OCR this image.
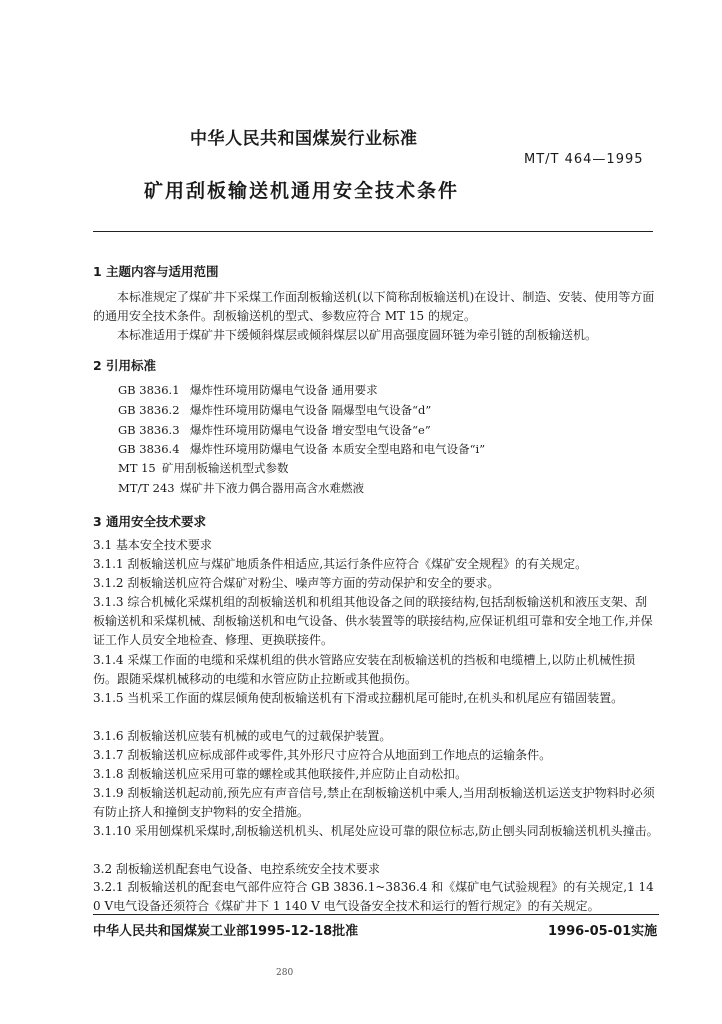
中华人民共和国煤炭行业标准
MT/T 464—1995
矿用刮板输送机通用安全技术条件
1 主题内容与适用范围
本标准规定了煤矿井下采煤工作面刮板输送机(以下简称刮板输送机)在设计、制造、安装、使用等方面的通用安全技术条件。刮板输送机的型式、参数应符合 MT 15 的规定。
本标准适用于煤矿井下缓倾斜煤层或倾斜煤层以矿用高强度圆环链为牵引链的刮板输送机。
2 引用标准
GB 3836.1 爆炸性环境用防爆电气设备 通用要求
GB 3836.2 爆炸性环境用防爆电气设备 隔爆型电气设备“d”
GB 3836.3 爆炸性环境用防爆电气设备 增安型电气设备“e”
GB 3836.4 爆炸性环境用防爆电气设备 本质安全型电路和电气设备“i”
MT 15 矿用刮板输送机型式参数
MT/T 243 煤矿井下液力偶合器用高含水难燃液
3 通用安全技术要求
3.1 基本安全技术要求
3.1.1 刮板输送机应与煤矿地质条件相适应,其运行条件应符合《煤矿安全规程》的有关规定。
3.1.2 刮板输送机应符合煤矿对粉尘、噪声等方面的劳动保护和安全的要求。
3.1.3 综合机械化采煤机组的刮板输送机和机组其他设备之间的联接结构,包括刮板输送机和液压支架、刮板输送机和采煤机械、刮板输送机和电气设备、供水装置等的联接结构,应保证机组可靠和安全地工作,并保证工作人员安全地检查、修理、更换联接件。
3.1.4 采煤工作面的电缆和采煤机组的供水管路应安装在刮板输送机的挡板和电缆槽上,以防止机械性损伤。跟随采煤机械移动的电缆和水管应防止拉断或其他损伤。
3.1.5 当机采工作面的煤层倾角使刮板输送机有下滑或拉翻机尾可能时,在机头和机尾应有锚固装置。
3.1.6 刮板输送机应装有机械的或电气的过载保护装置。
3.1.7 刮板输送机应标成部件或零件,其外形尺寸应符合从地面到工作地点的运输条件。
3.1.8 刮板输送机应采用可靠的螺栓或其他联接件,并应防止自动松扣。
3.1.9 刮板输送机起动前,预先应有声音信号,禁止在刮板输送机中乘人,当用刮板输送机运送支护物料时必须有防止挤人和撞倒支护物料的安全措施。
3.1.10 采用刨煤机采煤时,刮板输送机机头、机尾处应设可靠的限位标志,防止刨头同刮板输送机机头撞击。
3.2 刮板输送机配套电气设备、电控系统安全技术要求
3.2.1 刮板输送机的配套电气部件应符合 GB 3836.1~3836.4 和《煤矿电气试验规程》的有关规定,1 140 V电气设备还须符合《煤矿井下 1 140 V 电气设备安全技术和运行的暂行规定》的有关规定。
中华人民共和国煤炭工业部1995-12-18批准	1996-05-01实施
280
